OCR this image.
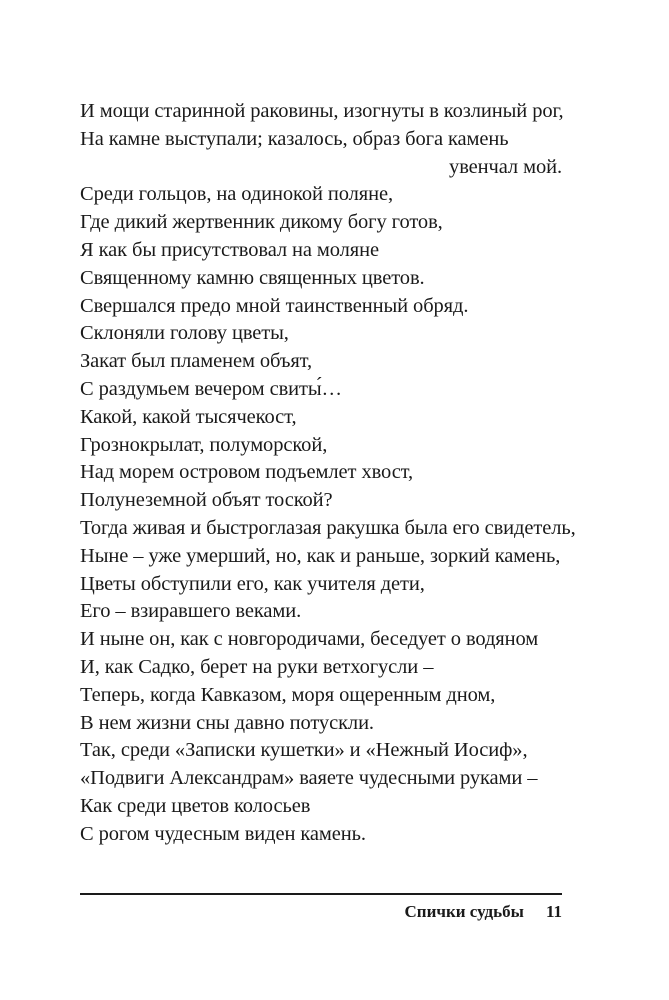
И мощи старинной раковины, изогнуты в козлиный рог,
На камне выступали; казалось, образ бога камень
увенчал мой.
Среди гольцов, на одинокой поляне,
Где дикий жертвенник дикому богу готов,
Я как бы присутствовал на моляне
Священному камню священных цветов.
Свершался предо мной таинственный обряд.
Склоняли голову цветы,
Закат был пламенем объят,
С раздумьем вечером свиты́…
Какой, какой тысячекост,
Грознокрылат, полуморской,
Над морем островом подъемлет хвост,
Полунеземной объят тоской?
Тогда живая и быстроглазая ракушка была его свидетель,
Ныне – уже умерший, но, как и раньше, зоркий камень,
Цветы обступили его, как учителя дети,
Его – взиравшего веками.
И ныне он, как с новгородичами, беседует о водяном
И, как Садко, берет на руки ветхогусли –
Теперь, когда Кавказом, моря ощеренным дном,
В нем жизни сны давно потускли.
Так, среди «Записки кушетки» и «Нежный Иосиф»,
«Подвиги Александрам» ваяете чудесными руками –
Как среди цветов колосьев
С рогом чудесным виден камень.
Спички судьбы 11
